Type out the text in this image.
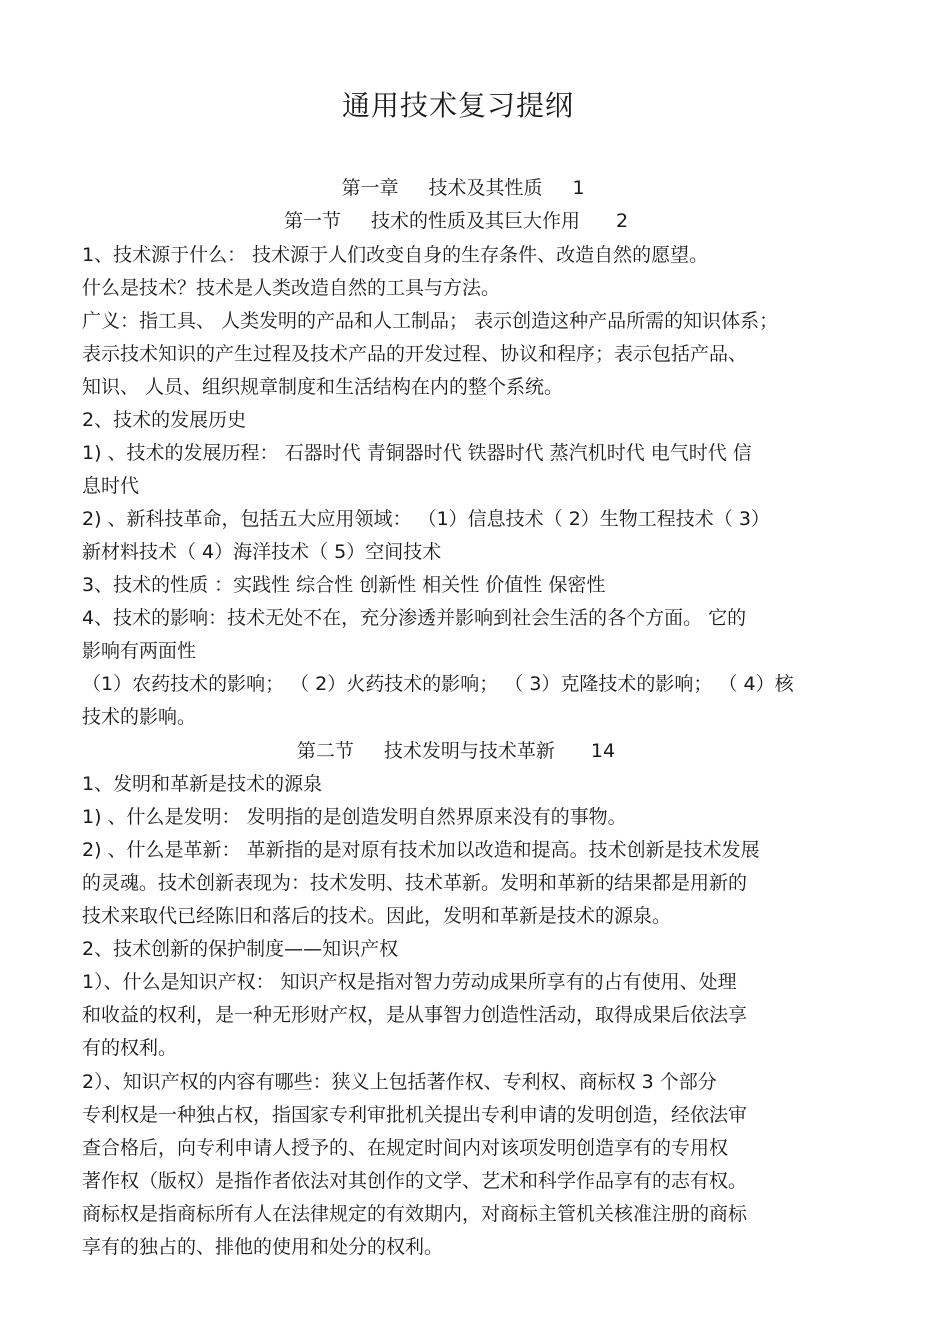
通用技术复习提纲
第一章 技术及其性质 1
第一节 技术的性质及其巨大作用 2

1、技术源于什么： 技术源于人们改变自身的生存条件、改造自然的愿望。

什么是技术？技术是人类改造自然的工具与方法。

广义：指工具、 人类发明的产品和人工制品； 表示创造这种产品所需的知识体系；

表示技术知识的产生过程及技术产品的开发过程、协议和程序；表示包括产品、

知识、 人员、组织规章制度和生活结构在内的整个系统。

2、技术的发展历史

1) 、技术的发展历程： 石器时代 青铜器时代 铁器时代 蒸汽机时代 电气时代 信

息时代

2) 、新科技革命，包括五大应用领域： （1）信息技术（ 2）生物工程技术（ 3）

新材料技术（ 4）海洋技术（ 5）空间技术

3、技术的性质 ：实践性 综合性 创新性 相关性 价值性 保密性

4、技术的影响：技术无处不在，充分渗透并影响到社会生活的各个方面。 它的

影响有两面性

（1）农药技术的影响； （ 2）火药技术的影响； （ 3）克隆技术的影响； （ 4）核

技术的影响。

第二节 技术发明与技术革新 14

1、发明和革新是技术的源泉

1) 、什么是发明： 发明指的是创造发明自然界原来没有的事物。

2) 、什么是革新： 革新指的是对原有技术加以改造和提高。技术创新是技术发展

的灵魂。技术创新表现为：技术发明、技术革新。发明和革新的结果都是用新的

技术来取代已经陈旧和落后的技术。因此，发明和革新是技术的源泉。

2、技术创新的保护制度——知识产权

1）、什么是知识产权： 知识产权是指对智力劳动成果所享有的占有使用、处理

和收益的权利，是一种无形财产权，是从事智力创造性活动，取得成果后依法享

有的权利。

2）、知识产权的内容有哪些：狭义上包括著作权、专利权、商标权 3 个部分

专利权是一种独占权，指国家专利审批机关提出专利申请的发明创造，经依法审

查合格后，向专利申请人授予的、在规定时间内对该项发明创造享有的专用权

著作权（版权）是指作者依法对其创作的文学、艺术和科学作品享有的志有权。

商标权是指商标所有人在法律规定的有效期内，对商标主管机关核准注册的商标

享有的独占的、排他的使用和处分的权利。
